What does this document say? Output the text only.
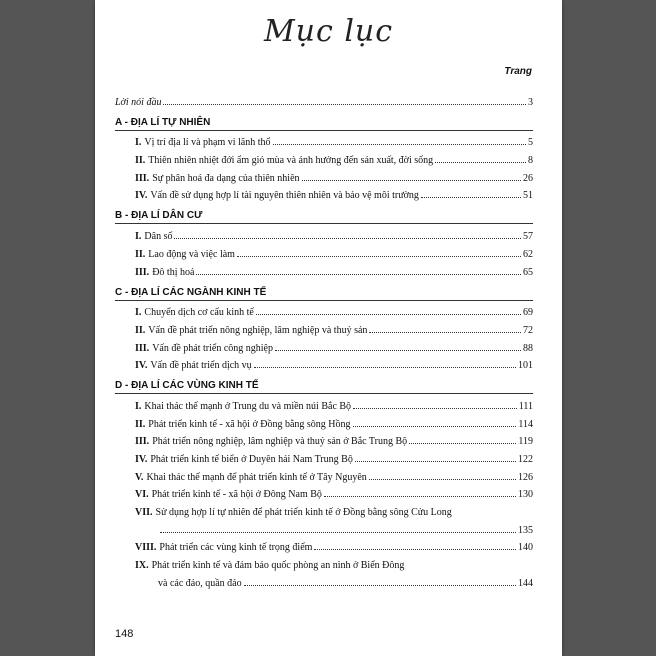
Mục lục
Trang
Lời nói đầu	3
A - ĐỊA LÍ TỰ NHIÊN
I. Vị trí địa lí và phạm vi lãnh thổ	5
II. Thiên nhiên nhiệt đới ẩm gió mùa và ảnh hưởng đến sản xuất, đời sống	8
III. Sự phân hoá đa dạng của thiên nhiên	26
IV. Vấn đề sử dụng hợp lí tài nguyên thiên nhiên và bảo vệ môi trường	51
B - ĐỊA LÍ DÂN CƯ
I. Dân số	57
II. Lao động và việc làm	62
III. Đô thị hoá	65
C - ĐỊA LÍ CÁC NGÀNH KINH TẾ
I. Chuyển dịch cơ cấu kinh tế	69
II. Vấn đề phát triển nông nghiệp, lâm nghiệp và thuỷ sản	72
III. Vấn đề phát triển công nghiệp	88
IV. Vấn đề phát triển dịch vụ	101
D - ĐỊA LÍ CÁC VÙNG KINH TẾ
I. Khai thác thế mạnh ở Trung du và miền núi Bắc Bộ	111
II. Phát triển kinh tế - xã hội ở Đồng bằng sông Hồng	114
III. Phát triển nông nghiệp, lâm nghiệp và thuỷ sản ở Bắc Trung Bộ	119
IV. Phát triển kinh tế biển ở Duyên hải Nam Trung Bộ	122
V. Khai thác thế mạnh để phát triển kinh tế ở Tây Nguyên	126
VI. Phát triển kinh tế - xã hội ở Đông Nam Bộ	130
VII. Sử dụng hợp lí tự nhiên để phát triển kinh tế ở Đồng bằng sông Cửu Long
135
VIII. Phát triển các vùng kinh tế trọng điểm	140
IX. Phát triển kinh tế và đảm bảo quốc phòng an ninh ở Biển Đông
và các đảo, quần đảo	144
148
